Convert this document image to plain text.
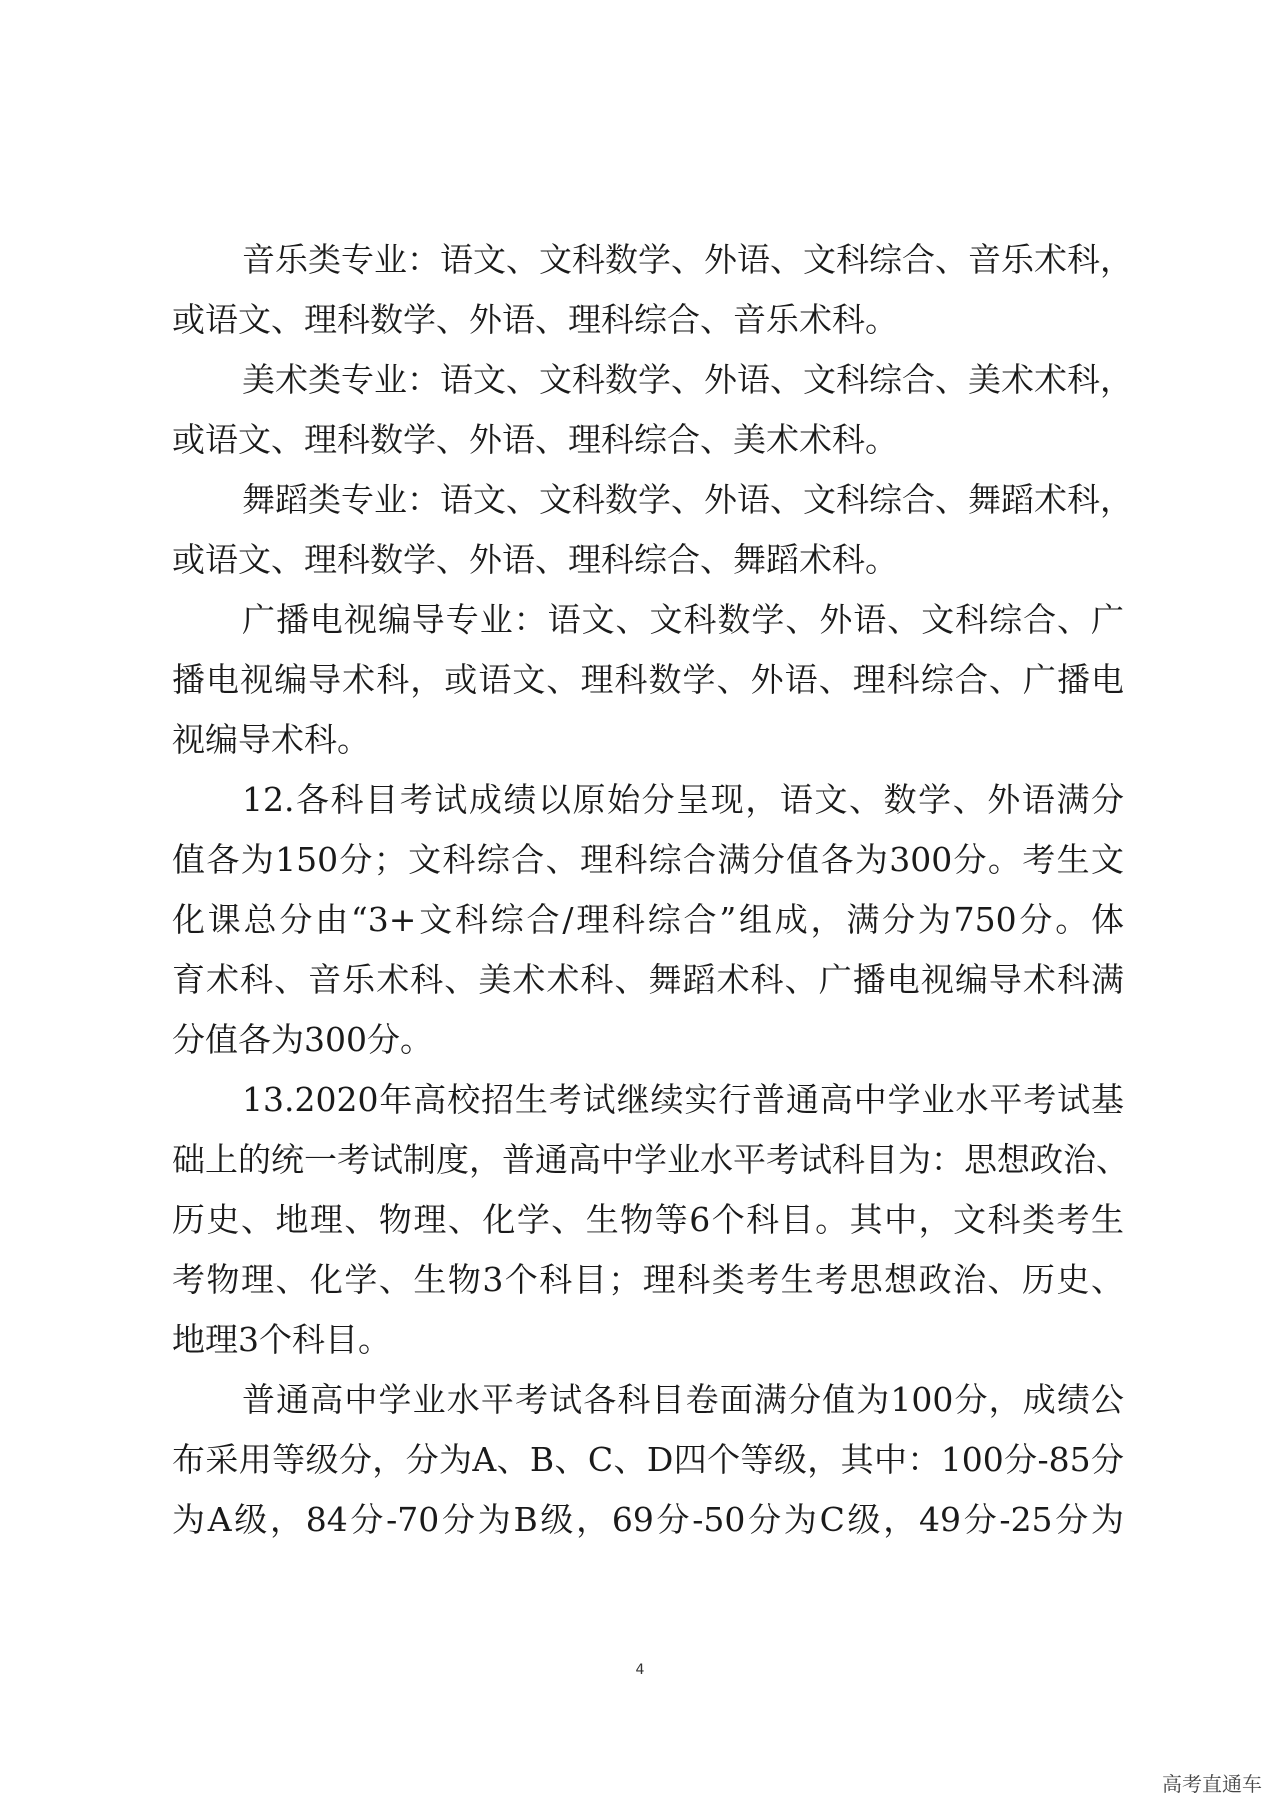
音乐类专业：语文、文科数学、外语、文科综合、音乐术科，
或语文、理科数学、外语、理科综合、音乐术科。
美术类专业：语文、文科数学、外语、文科综合、美术术科，
或语文、理科数学、外语、理科综合、美术术科。
舞蹈类专业：语文、文科数学、外语、文科综合、舞蹈术科，
或语文、理科数学、外语、理科综合、舞蹈术科。
广播电视编导专业：语文、文科数学、外语、文科综合、广
播电视编导术科，或语文、理科数学、外语、理科综合、广播电
视编导术科。
12.各科目考试成绩以原始分呈现，语文、数学、外语满分
值各为150分；文科综合、理科综合满分值各为300分。考生文
化课总分由“3+文科综合/理科综合”组成，满分为750分。体
育术科、音乐术科、美术术科、舞蹈术科、广播电视编导术科满
分值各为300分。
13.2020年高校招生考试继续实行普通高中学业水平考试基
础上的统一考试制度，普通高中学业水平考试科目为：思想政治、
历史、地理、物理、化学、生物等6个科目。其中，文科类考生
考物理、化学、生物3个科目；理科类考生考思想政治、历史、
地理3个科目。
普通高中学业水平考试各科目卷面满分值为100分，成绩公
布采用等级分，分为A、B、C、D四个等级，其中：100分-85分
为A级，84分-70分为B级，69分-50分为C级，49分-25分为
4
高考直通车
